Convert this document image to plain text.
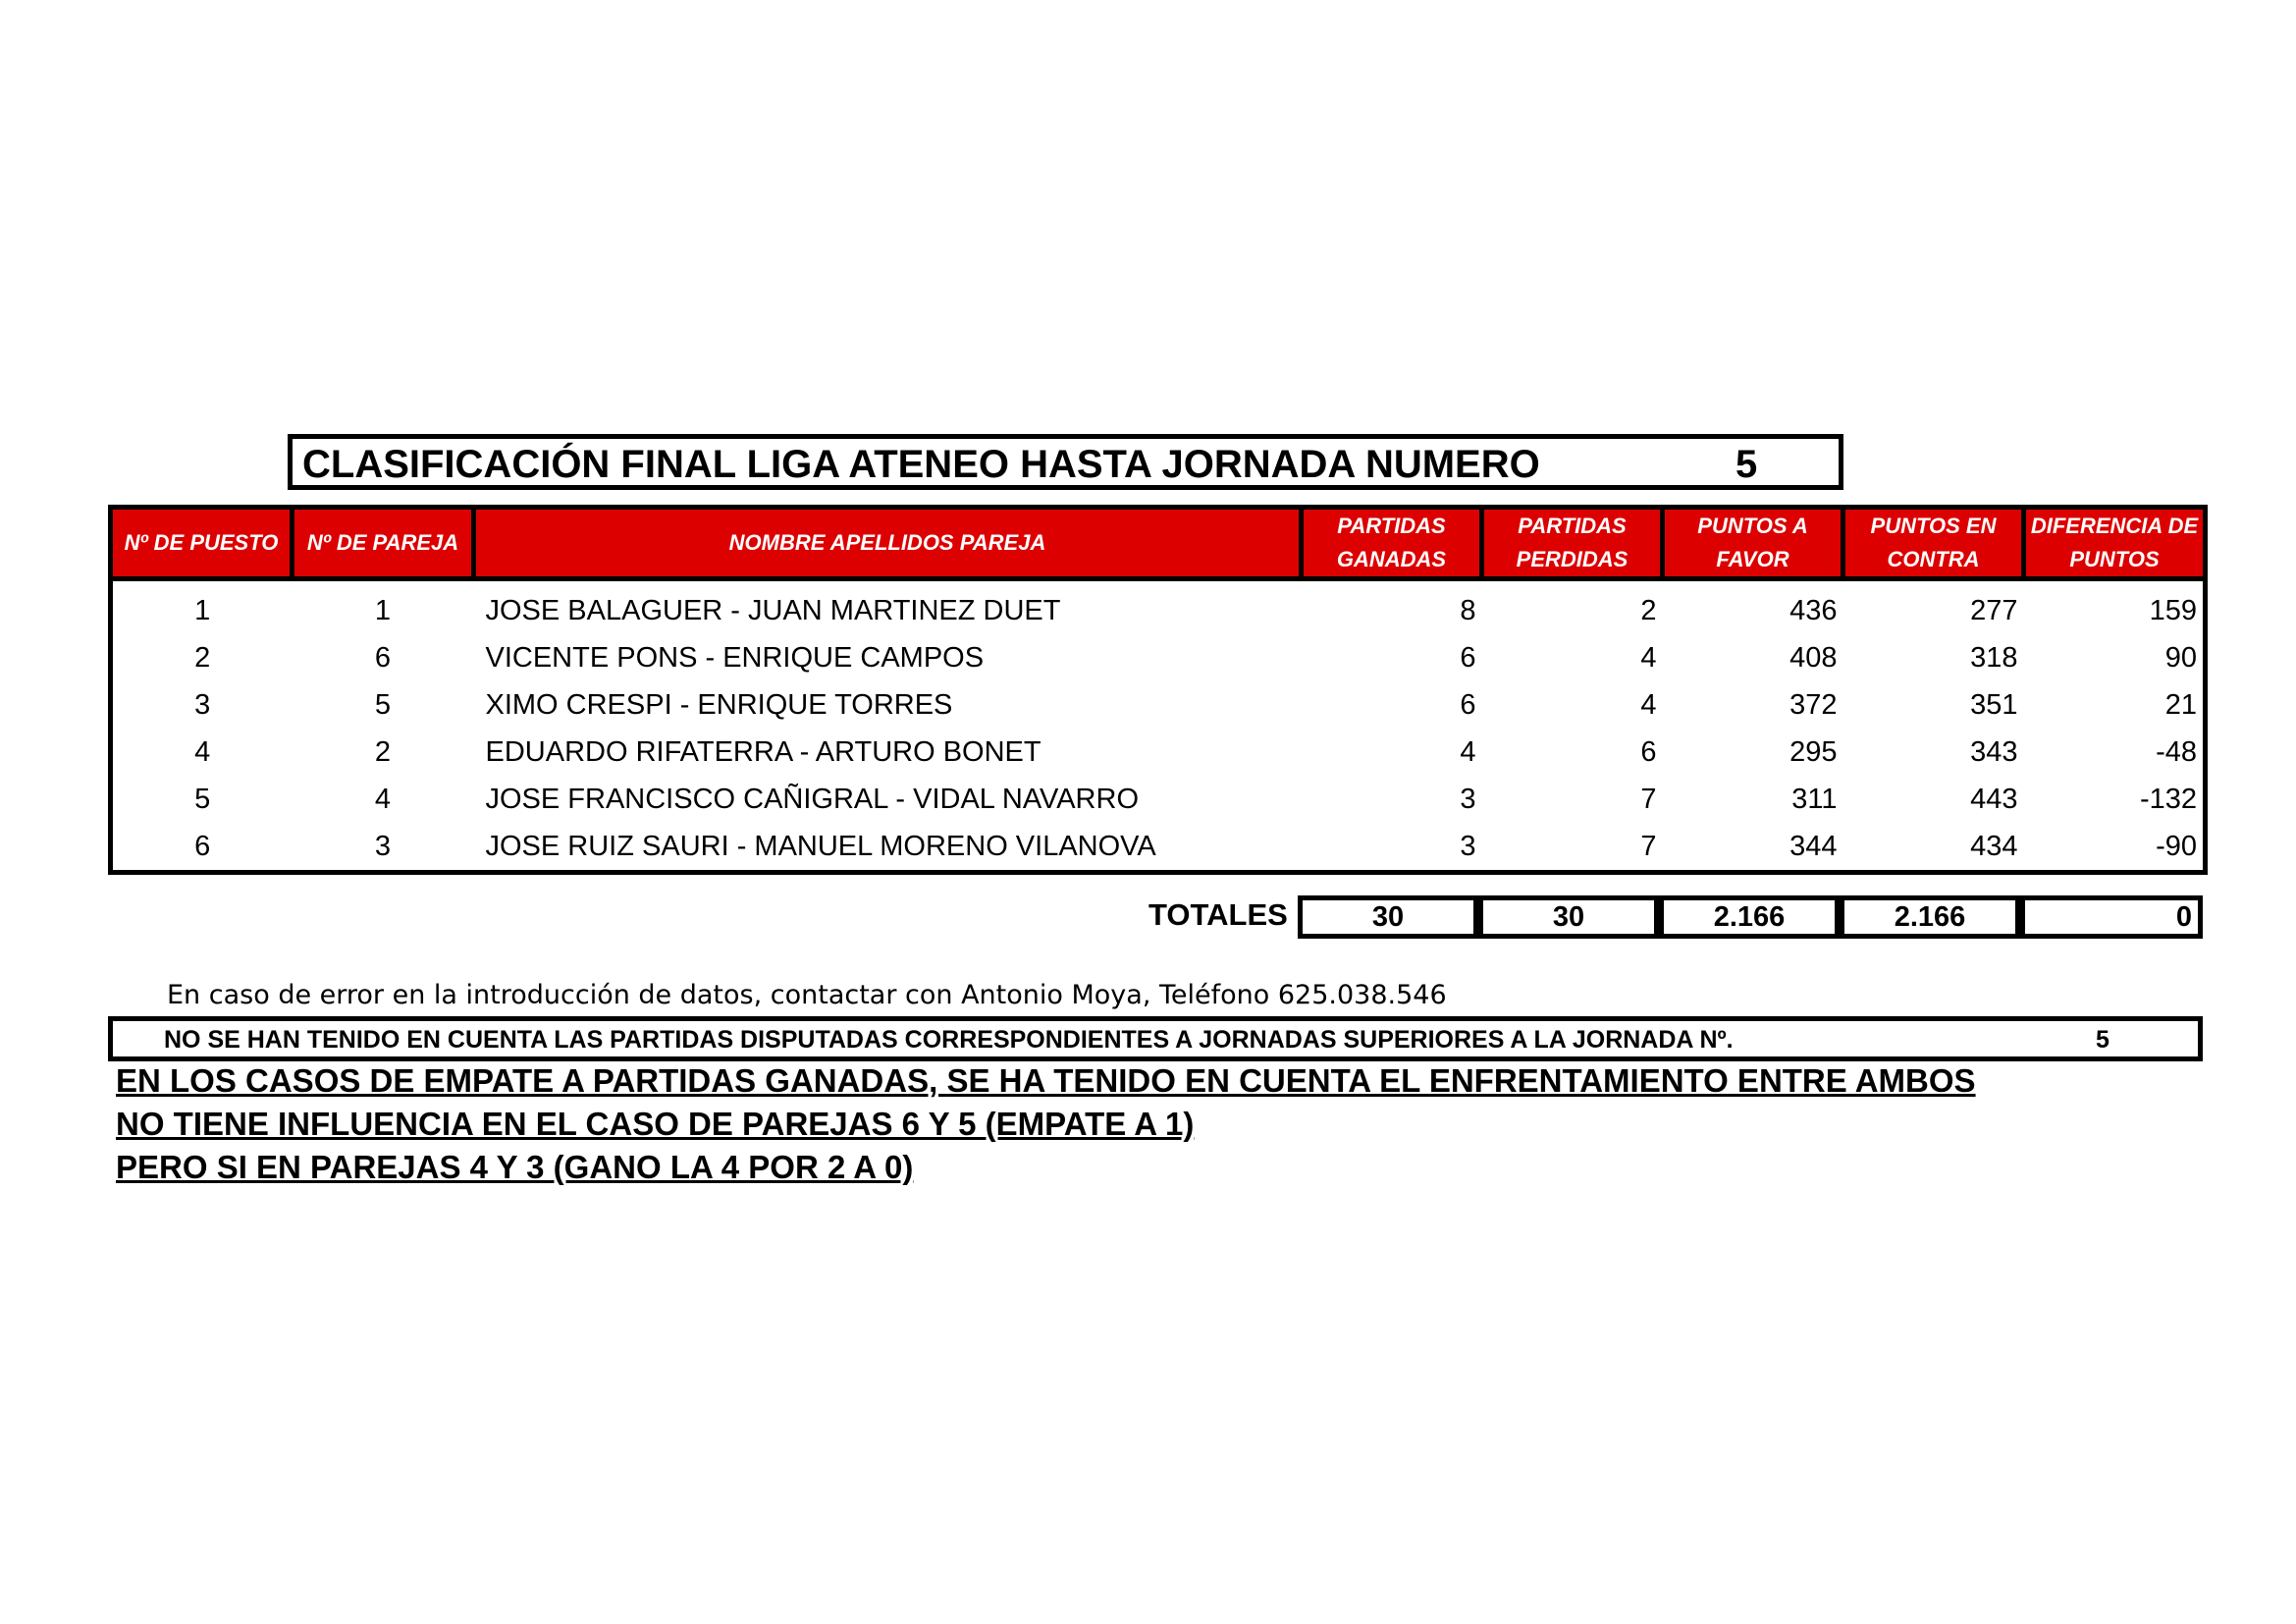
CLASIFICACIÓN FINAL LIGA ATENEO HASTA JORNADA NUMERO	5
Nº DE PUESTO	Nº DE PAREJA	NOMBRE APELLIDOS PAREJA	PARTIDAS GANADAS	PARTIDAS PERDIDAS	PUNTOS A FAVOR	PUNTOS EN CONTRA	DIFERENCIA DE PUNTOS
1	1	JOSE BALAGUER - JUAN MARTINEZ DUET	8	2	436	277	159
2	6	VICENTE PONS - ENRIQUE CAMPOS	6	4	408	318	90
3	5	XIMO CRESPI - ENRIQUE TORRES	6	4	372	351	21
4	2	EDUARDO RIFATERRA - ARTURO BONET	4	6	295	343	-48
5	4	JOSE FRANCISCO CAÑIGRAL - VIDAL NAVARRO	3	7	311	443	-132
6	3	JOSE RUIZ SAURI - MANUEL MORENO VILANOVA	3	7	344	434	-90
TOTALES	30	30	2.166	2.166	0
En caso de error en la introducción de datos, contactar con Antonio Moya, Teléfono 625.038.546
NO SE HAN TENIDO EN CUENTA LAS PARTIDAS DISPUTADAS CORRESPONDIENTES A JORNADAS SUPERIORES A LA JORNADA Nº.	5
EN LOS CASOS DE EMPATE A PARTIDAS GANADAS, SE HA TENIDO EN CUENTA EL ENFRENTAMIENTO ENTRE AMBOS
NO TIENE INFLUENCIA EN EL CASO DE PAREJAS 6 Y 5 (EMPATE A 1)
PERO SI EN PAREJAS 4 Y 3 (GANO LA 4 POR 2 A 0)
